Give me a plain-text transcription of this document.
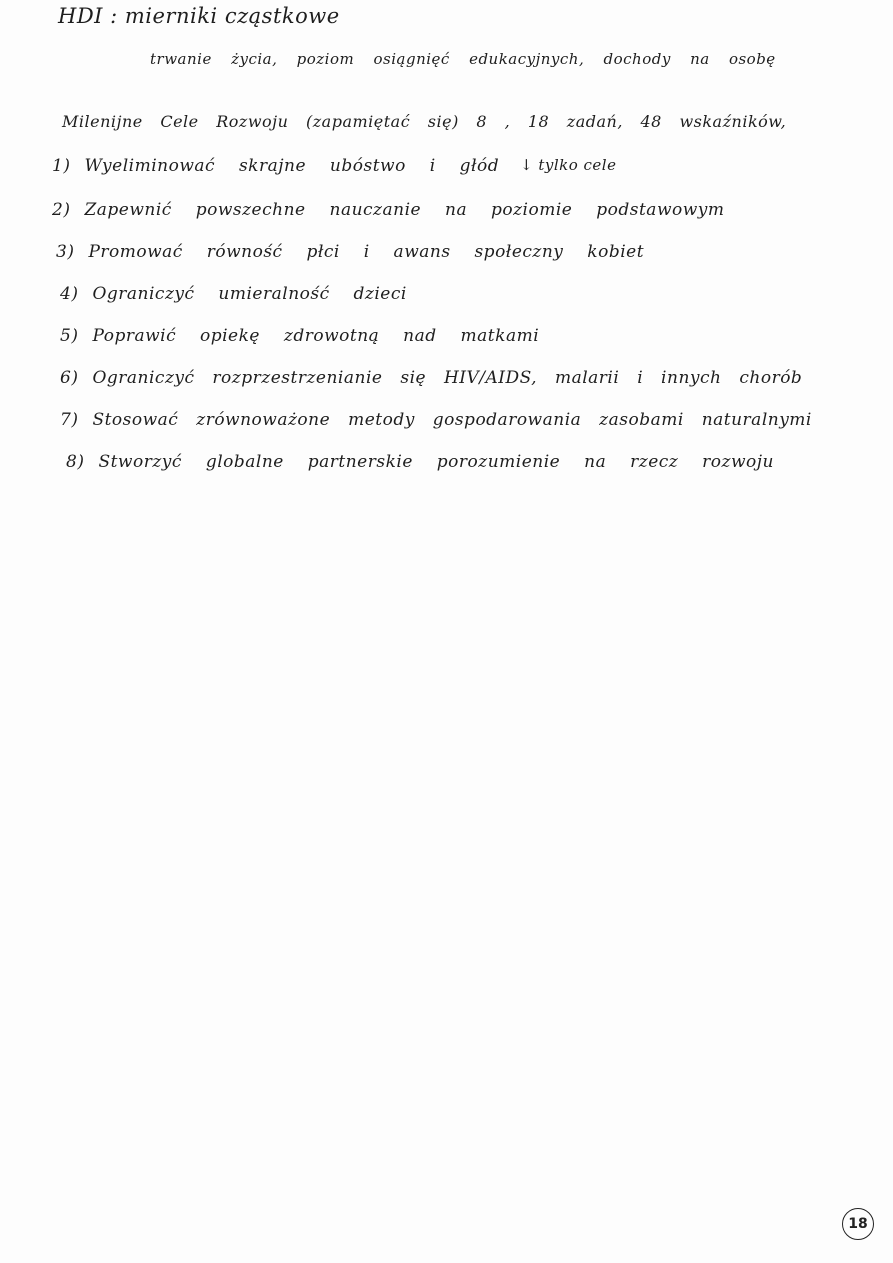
HDI : mierniki cząstkowe
trwanie życia, poziom osiągnięć edukacyjnych, dochody na osobę
Milenijne Cele Rozwoju (zapamiętać się) 8 , 18 zadań, 48 wskaźników,
1) Wyeliminować skrajne ubóstwo i głód ↓ tylko cele
2) Zapewnić powszechne nauczanie na poziomie podstawowym
3) Promować równość płci i awans społeczny kobiet
4) Ograniczyć umieralność dzieci
5) Poprawić opiekę zdrowotną nad matkami
6) Ograniczyć rozprzestrzenianie się HIV/AIDS, malarii i innych chorób
7) Stosować zrównoważone metody gospodarowania zasobami naturalnymi
8) Stworzyć globalne partnerskie porozumienie na rzecz rozwoju
18
